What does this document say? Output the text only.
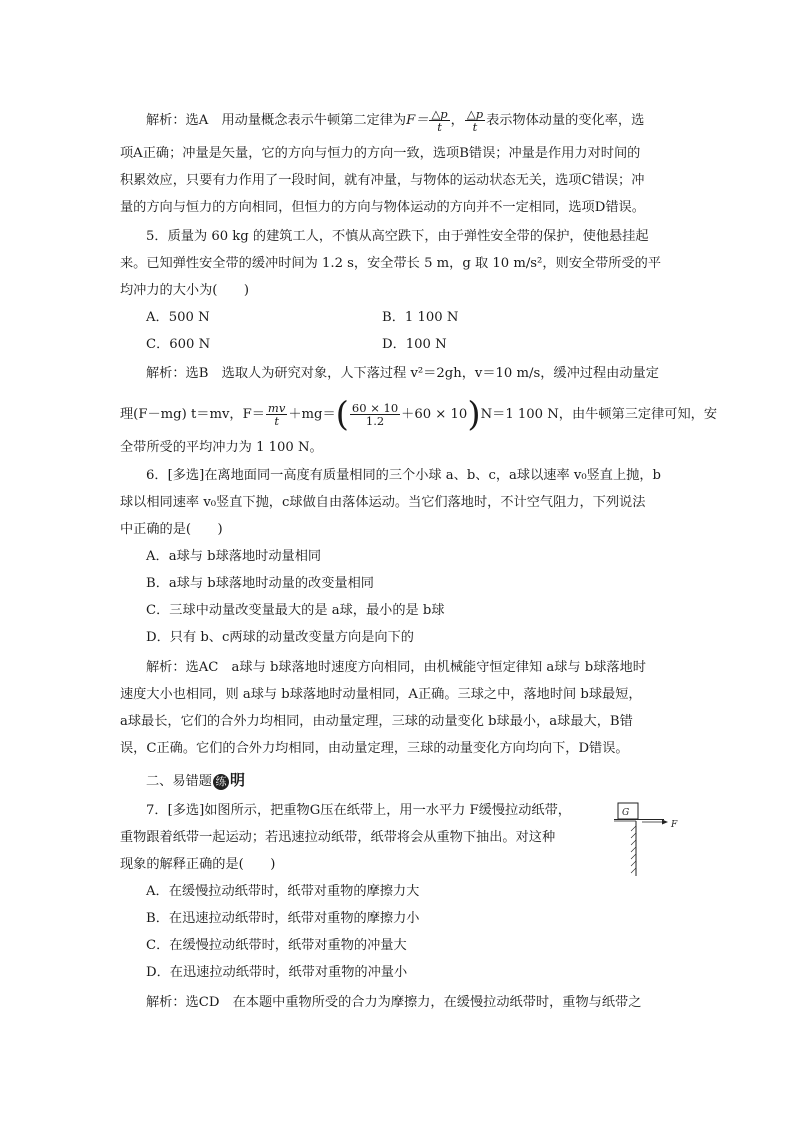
解析：选A　用动量概念表示牛顿第二定律为$F= \frac{\triangle p}{t}$ ， $\frac{\triangle p}{t}$ 表示物体动量的变化率，选
项A正确；冲量是矢量，它的方向与恒力的方向一致，选项B错误；冲量是作用力对时间的
积累效应，只要有力作用了一段时间，就有冲量，与物体的运动状态无关，选项C错误；冲
量的方向与恒力的方向相同，但恒力的方向与物体运动的方向并不一定相同，选项D错误。
5．质量为 60 kg 的建筑工人，不慎从高空跌下，由于弹性安全带的保护，使他悬挂起
来。已知弹性安全带的缓冲时间为 1.2 s，安全带长 5 m，g 取 10 m/s²，则安全带所受的平
均冲力的大小为(　　)
A．500 N	B．1 100 N
C．600 N	D．100 N
解析：选B　选取人为研究对象，人下落过程 v²＝2gh，v＝10 m/s，缓冲过程由动量定
理(F－mg) t＝mv，$F= \frac{mv}{t} +mg=( \frac{60 \times 10}{1.2} +60 \times 10)N=1$ 100 N，由牛顿第三定律可知，安
全带所受的平均冲力为 1 100 N。
6．[多选]在离地面同一高度有质量相同的三个小球 a、b、c，a球以速率 v₀竖直上抛，b
球以相同速率 v₀竖直下抛，c球做自由落体运动。当它们落地时，不计空气阻力，下列说法
中正确的是(　　)
A．a球与 b球落地时动量相同
B．a球与 b球落地时动量的改变量相同
C．三球中动量改变量最大的是 a球，最小的是 b球
D．只有 b、c两球的动量改变量方向是向下的
解析：选AC　a球与 b球落地时速度方向相同，由机械能守恒定律知 a球与 b球落地时
速度大小也相同，则 a球与 b球落地时动量相同，A正确。三球之中，落地时间 b球最短，
a球最长，它们的合外力均相同，由动量定理，三球的动量变化 b球最小，a球最大，B错
误，C正确。它们的合外力均相同，由动量定理，三球的动量变化方向均向下，D错误。
二、易错题 练 明
7．[多选]如图所示，把重物G压在纸带上，用一水平力 F缓慢拉动纸带，
重物跟着纸带一起运动；若迅速拉动纸带，纸带将会从重物下抽出。对这种
现象的解释正确的是(　　)
A．在缓慢拉动纸带时，纸带对重物的摩擦力大
B．在迅速拉动纸带时，纸带对重物的摩擦力小
C．在缓慢拉动纸带时，纸带对重物的冲量大
D．在迅速拉动纸带时，纸带对重物的冲量小
解析：选CD　在本题中重物所受的合力为摩擦力，在缓慢拉动纸带时，重物与纸带之
G
F
